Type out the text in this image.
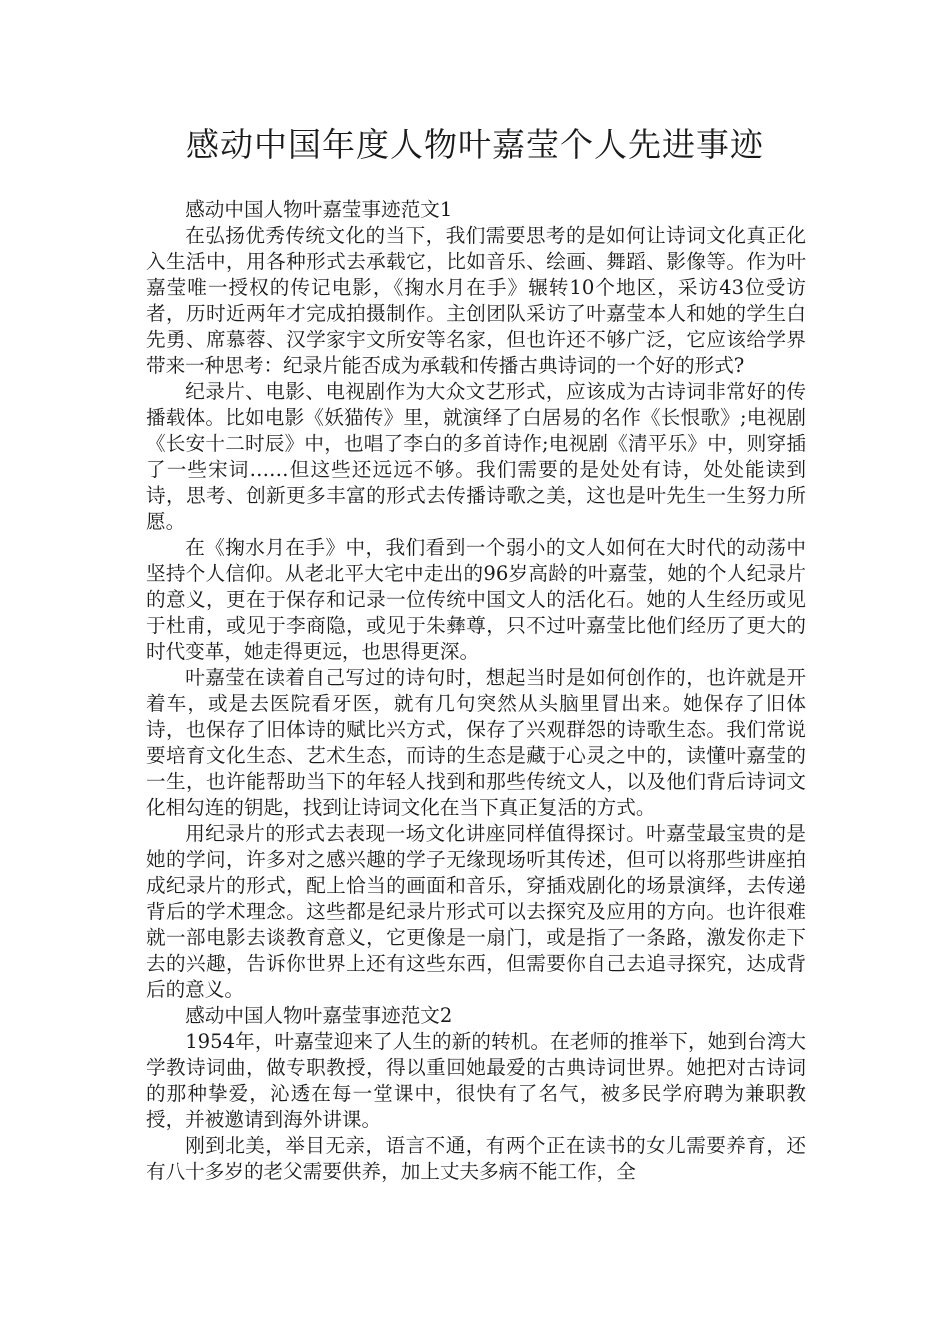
感动中国年度人物叶嘉莹个人先进事迹

感动中国人物叶嘉莹事迹范文1

在弘扬优秀传统文化的当下，我们需要思考的是如何让诗词文化真正化入生活中，用各种形式去承载它，比如音乐、绘画、舞蹈、影像等。作为叶嘉莹唯一授权的传记电影，《掬水月在手》辗转10个地区，采访43位受访者，历时近两年才完成拍摄制作。主创团队采访了叶嘉莹本人和她的学生白先勇、席慕蓉、汉学家宇文所安等名家，但也许还不够广泛，它应该给学界带来一种思考：纪录片能否成为承载和传播古典诗词的一个好的形式?

纪录片、电影、电视剧作为大众文艺形式，应该成为古诗词非常好的传播载体。比如电影《妖猫传》里，就演绎了白居易的名作《长恨歌》;电视剧《长安十二时辰》中，也唱了李白的多首诗作;电视剧《清平乐》中，则穿插了一些宋词……但这些还远远不够。我们需要的是处处有诗，处处能读到诗，思考、创新更多丰富的形式去传播诗歌之美，这也是叶先生一生努力所愿。

在《掬水月在手》中，我们看到一个弱小的文人如何在大时代的动荡中坚持个人信仰。从老北平大宅中走出的96岁高龄的叶嘉莹，她的个人纪录片的意义，更在于保存和记录一位传统中国文人的活化石。她的人生经历或见于杜甫，或见于李商隐，或见于朱彝尊，只不过叶嘉莹比他们经历了更大的时代变革，她走得更远，也思得更深。

叶嘉莹在读着自己写过的诗句时，想起当时是如何创作的，也许就是开着车，或是去医院看牙医，就有几句突然从头脑里冒出来。她保存了旧体诗，也保存了旧体诗的赋比兴方式，保存了兴观群怨的诗歌生态。我们常说要培育文化生态、艺术生态，而诗的生态是藏于心灵之中的，读懂叶嘉莹的一生，也许能帮助当下的年轻人找到和那些传统文人，以及他们背后诗词文化相勾连的钥匙，找到让诗词文化在当下真正复活的方式。

用纪录片的形式去表现一场文化讲座同样值得探讨。叶嘉莹最宝贵的是她的学问，许多对之感兴趣的学子无缘现场听其传述，但可以将那些讲座拍成纪录片的形式，配上恰当的画面和音乐，穿插戏剧化的场景演绎，去传递背后的学术理念。这些都是纪录片形式可以去探究及应用的方向。也许很难就一部电影去谈教育意义，它更像是一扇门，或是指了一条路，激发你走下去的兴趣，告诉你世界上还有这些东西，但需要你自己去追寻探究，达成背后的意义。

感动中国人物叶嘉莹事迹范文2

1954年，叶嘉莹迎来了人生的新的转机。在老师的推举下，她到台湾大学教诗词曲，做专职教授，得以重回她最爱的古典诗词世界。她把对古诗词的那种挚爱，沁透在每一堂课中，很快有了名气，被多民学府聘为兼职教授，并被邀请到海外讲课。

刚到北美，举目无亲，语言不通，有两个正在读书的女儿需要养育，还有八十多岁的老父需要供养，加上丈夫多病不能工作，全
